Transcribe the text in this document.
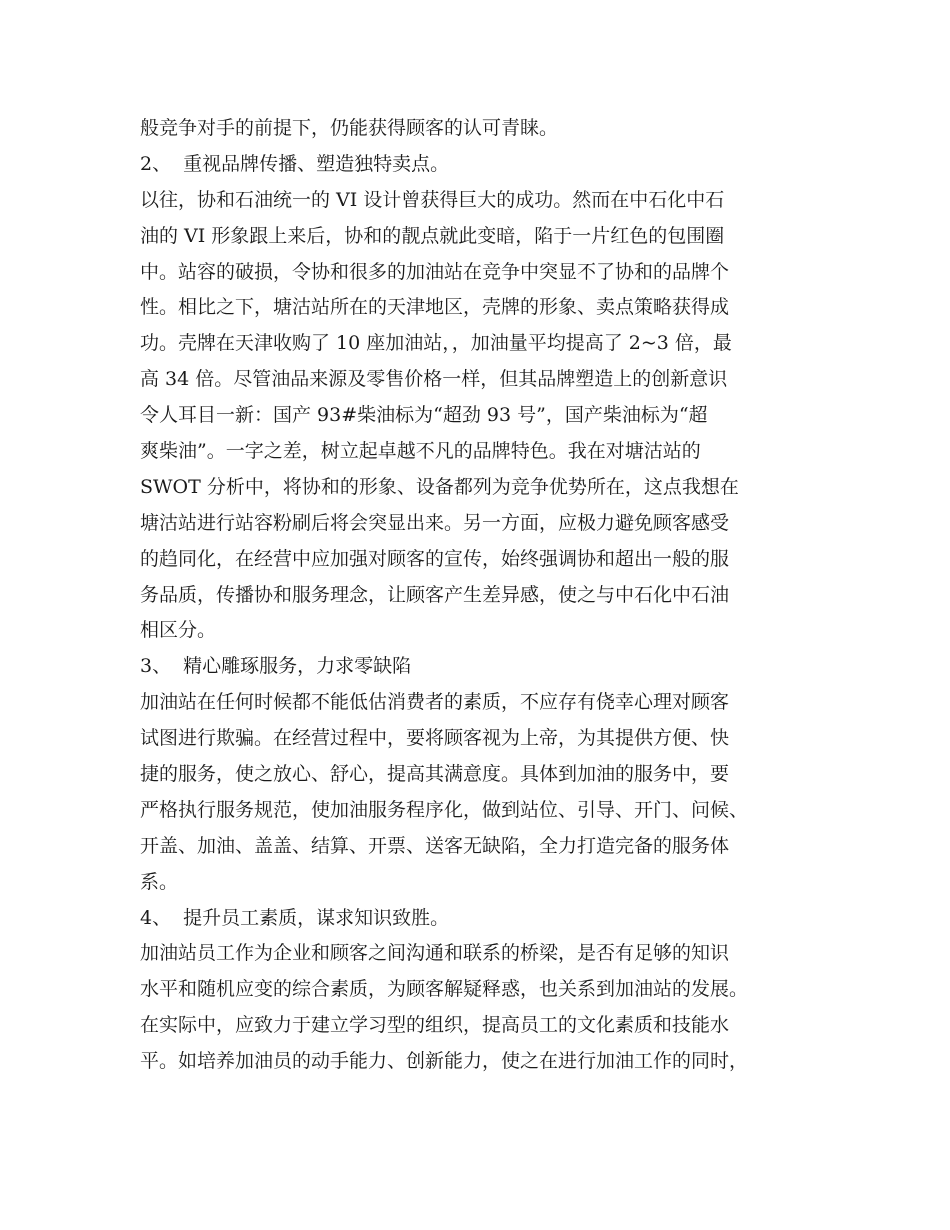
般竞争对手的前提下，仍能获得顾客的认可青睐。
2、  重视品牌传播、塑造独特卖点。
以往，协和石油统一的 VI 设计曾获得巨大的成功。然而在中石化中石
油的 VI 形象跟上来后，协和的靓点就此变暗，陷于一片红色的包围圈
中。站容的破损，令协和很多的加油站在竞争中突显不了协和的品牌个
性。相比之下，塘沽站所在的天津地区，壳牌的形象、卖点策略获得成
功。壳牌在天津收购了 10 座加油站，，加油量平均提高了 2~3 倍，最
高 34 倍。尽管油品来源及零售价格一样，但其品牌塑造上的创新意识
令人耳目一新：国产 93#柴油标为“超劲 93 号”，国产柴油标为“超
爽柴油”。一字之差，树立起卓越不凡的品牌特色。我在对塘沽站的
SWOT 分析中，将协和的形象、设备都列为竞争优势所在，这点我想在
塘沽站进行站容粉刷后将会突显出来。另一方面，应极力避免顾客感受
的趋同化，在经营中应加强对顾客的宣传，始终强调协和超出一般的服
务品质，传播协和服务理念，让顾客产生差异感，使之与中石化中石油
相区分。
3、  精心雕琢服务，力求零缺陷
加油站在任何时候都不能低估消费者的素质，不应存有侥幸心理对顾客
试图进行欺骗。在经营过程中，要将顾客视为上帝，为其提供方便、快
捷的服务，使之放心、舒心，提高其满意度。具体到加油的服务中，要
严格执行服务规范，使加油服务程序化，做到站位、引导、开门、问候、
开盖、加油、盖盖、结算、开票、送客无缺陷，全力打造完备的服务体
系。
4、  提升员工素质，谋求知识致胜。
加油站员工作为企业和顾客之间沟通和联系的桥梁，是否有足够的知识
水平和随机应变的综合素质，为顾客解疑释惑，也关系到加油站的发展。
在实际中，应致力于建立学习型的组织，提高员工的文化素质和技能水
平。如培养加油员的动手能力、创新能力，使之在进行加油工作的同时，
